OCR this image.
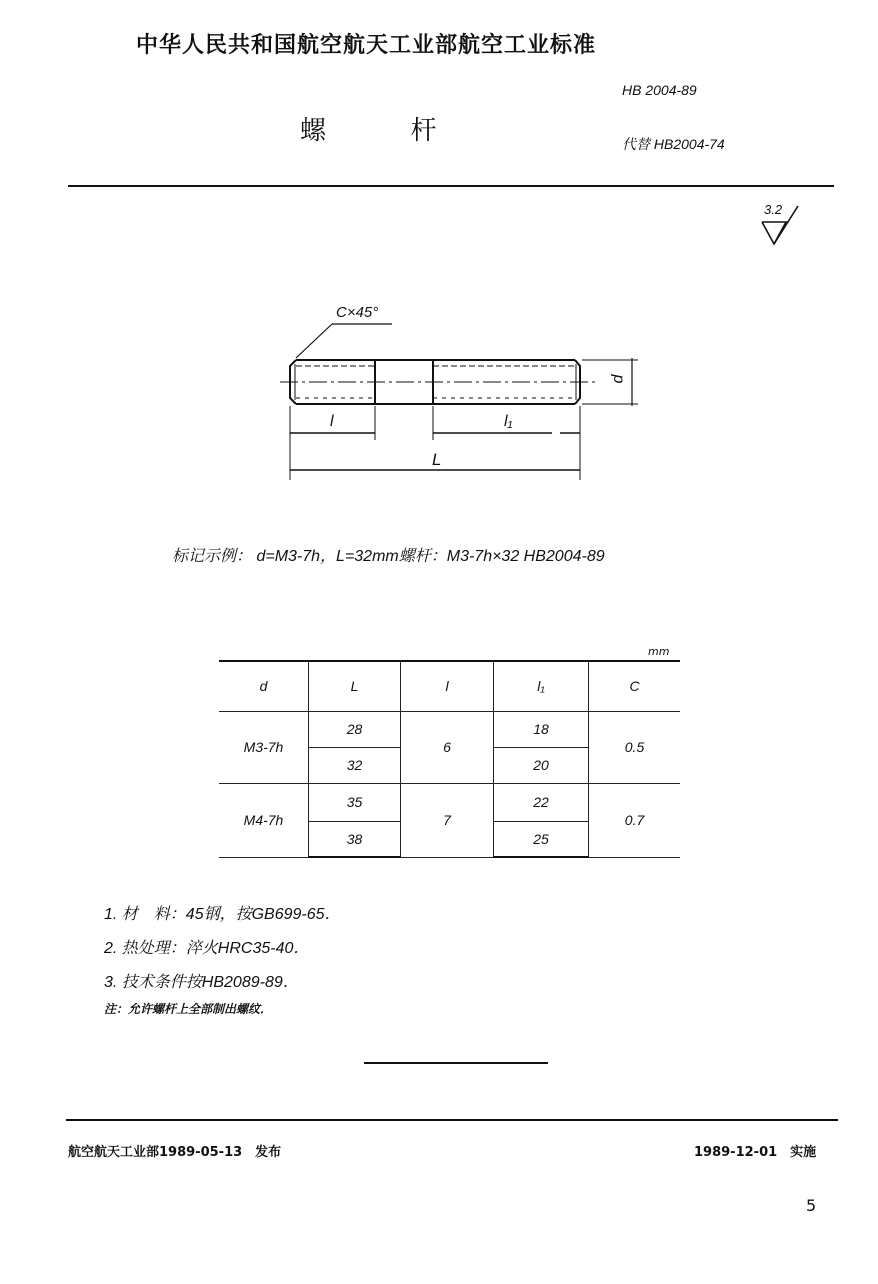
中华人民共和国航空航天工业部航空工业标准
螺	杆
HB 2004-89
代替 HB2004-74
3.2
C×45°
d
l	l₁
L
标记示例： d=M3-7h，L=32mm螺杆：M3-7h×32 HB2004-89
mm
d	L	l	l₁	C
M3-7h	28	6	18	0.5
	32		20	
M4-7h	35	7	22	0.7
	38		25	
1. 材　料：45钢，按GB699-65．
2. 热处理：淬火HRC35-40．
3. 技术条件按HB2089-89．
注：允许螺杆上全部制出螺纹．
航空航天工业部1989-05-13　发布	1989-12-01　实施
5
